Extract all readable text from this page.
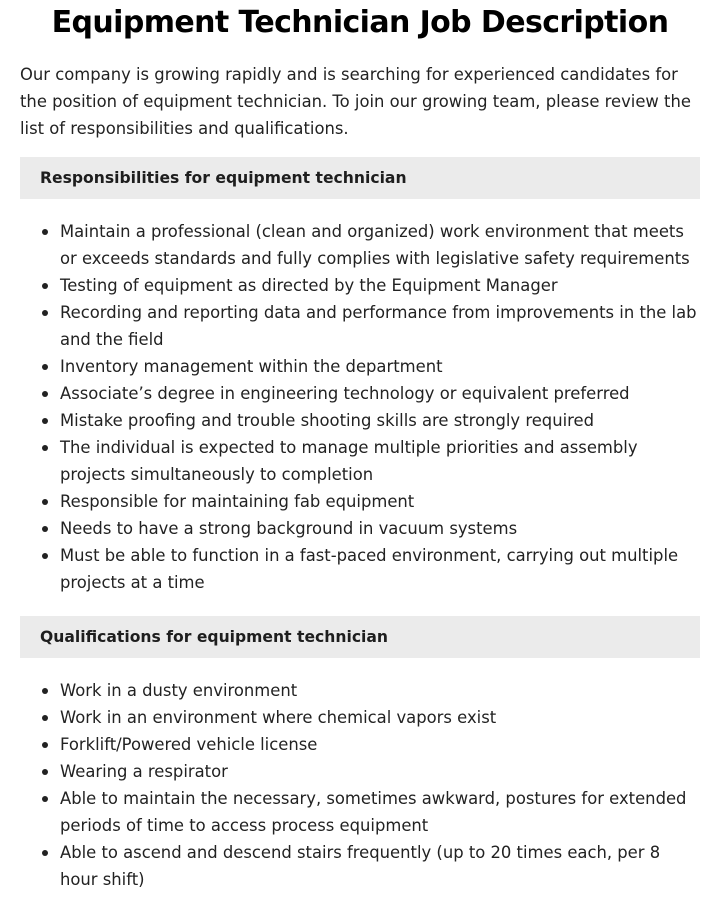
Equipment Technician Job Description

Our company is growing rapidly and is searching for experienced candidates for the position of equipment technician. To join our growing team, please review the list of responsibilities and qualifications.

Responsibilities for equipment technician
Maintain a professional (clean and organized) work environment that meets or exceeds standards and fully complies with legislative safety requirements
Testing of equipment as directed by the Equipment Manager
Recording and reporting data and performance from improvements in the lab and the field
Inventory management within the department
Associate’s degree in engineering technology or equivalent preferred
Mistake proofing and trouble shooting skills are strongly required
The individual is expected to manage multiple priorities and assembly projects simultaneously to completion
Responsible for maintaining fab equipment
Needs to have a strong background in vacuum systems
Must be able to function in a fast-paced environment, carrying out multiple projects at a time
Qualifications for equipment technician
Work in a dusty environment
Work in an environment where chemical vapors exist
Forklift/Powered vehicle license
Wearing a respirator
Able to maintain the necessary, sometimes awkward, postures for extended periods of time to access process equipment
Able to ascend and descend stairs frequently (up to 20 times each, per 8 hour shift)
